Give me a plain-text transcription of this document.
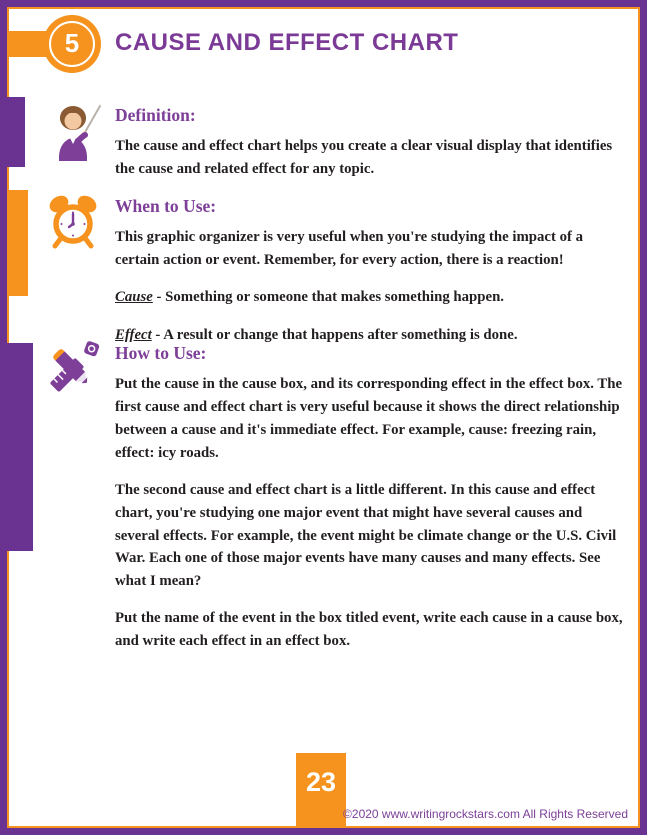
5 CAUSE AND EFFECT CHART
Definition:

The cause and effect chart helps you create a clear visual display that identifies the cause and related effect for any topic.

When to Use:

This graphic organizer is very useful when you're studying the impact of a certain action or event. Remember, for every action, there is a reaction!

Cause - Something or someone that makes something happen.

Effect - A result or change that happens after something is done.

How to Use:

Put the cause in the cause box, and its corresponding effect in the effect box. The first cause and effect chart is very useful because it shows the direct relationship between a cause and it's immediate effect. For example, cause: freezing rain, effect: icy roads.

The second cause and effect chart is a little different. In this cause and effect chart, you're studying one major event that might have several causes and several effects. For example, the event might be climate change or the U.S. Civil War. Each one of those major events have many causes and many effects. See what I mean?

Put the name of the event in the box titled event, write each cause in a cause box, and write each effect in an effect box.

23
©2020 www.writingrockstars.com All Rights Reserved
